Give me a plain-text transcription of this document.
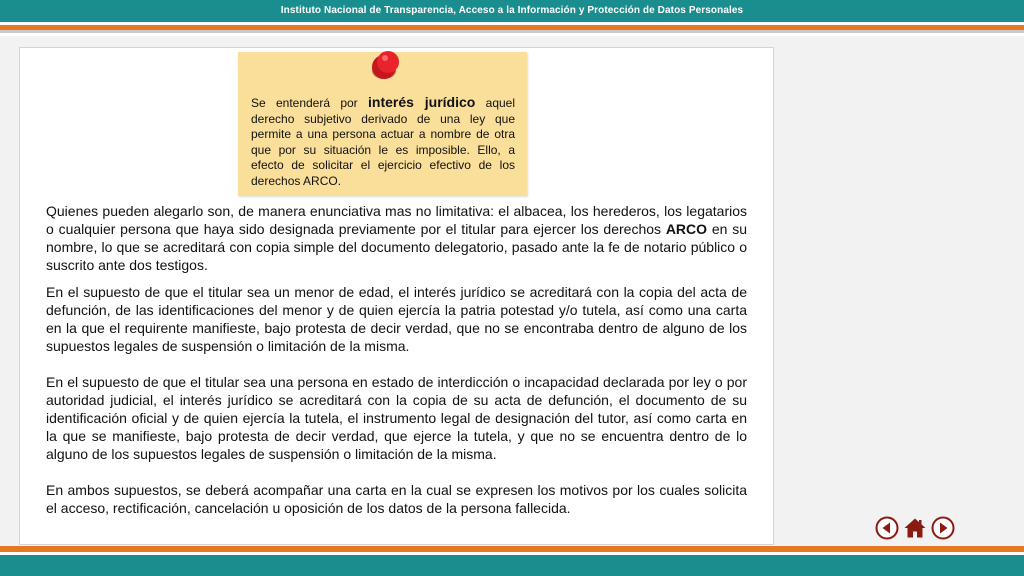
Instituto Nacional de Transparencia, Acceso a la Información y Protección de Datos Personales
Se entenderá por interés jurídico aquel derecho subjetivo derivado de una ley que permite a una persona actuar a nombre de otra que por su situación le es imposible. Ello, a efecto de solicitar el ejercicio efectivo de los derechos ARCO.

Quienes pueden alegarlo son, de manera enunciativa mas no limitativa: el albacea, los herederos, los legatarios o cualquier persona que haya sido designada previamente por el titular para ejercer los derechos ARCO en su nombre, lo que se acreditará con copia simple del documento delegatorio, pasado ante la fe de notario público o suscrito ante dos testigos.

En el supuesto de que el titular sea un menor de edad, el interés jurídico se acreditará con la copia del acta de defunción, de las identificaciones del menor y de quien ejercía la patria potestad y/o tutela, así como una carta en la que el requirente manifieste, bajo protesta de decir verdad, que no se encontraba dentro de alguno de los supuestos legales de suspensión o limitación de la misma.

En el supuesto de que el titular sea una persona en estado de interdicción o incapacidad declarada por ley o por autoridad judicial, el interés jurídico se acreditará con la copia de su acta de defunción, el documento de su identificación oficial y de quien ejercía la tutela, el instrumento legal de designación del tutor, así como carta en la que se manifieste, bajo protesta de decir verdad, que ejerce la tutela, y que no se encuentra dentro de lo alguno de los supuestos legales de suspensión o limitación de la misma.

En ambos supuestos, se deberá acompañar una carta en la cual se expresen los motivos por los cuales solicita el acceso, rectificación, cancelación u oposición de los datos de la persona fallecida.
